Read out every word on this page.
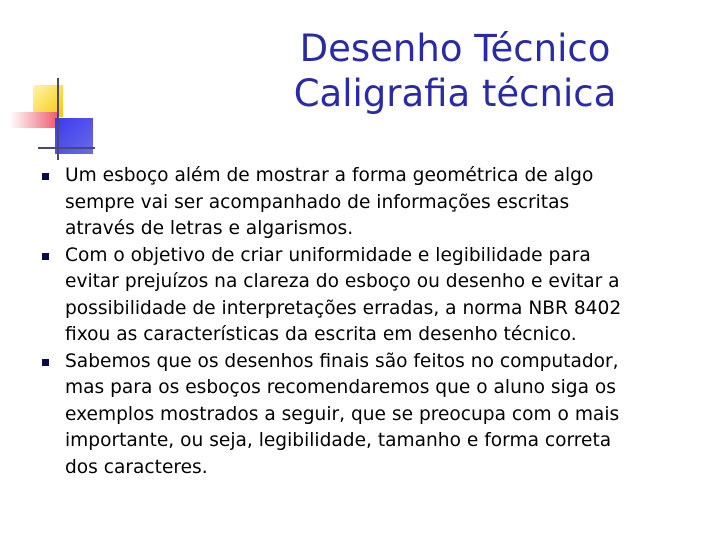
Desenho Técnico
Caligrafia técnica
Um esboço além de mostrar a forma geométrica de algo
sempre vai ser acompanhado de informações escritas
através de letras e algarismos.
Com o objetivo de criar uniformidade e legibilidade para
evitar prejuízos na clareza do esboço ou desenho e evitar a
possibilidade de interpretações erradas, a norma NBR 8402
fixou as características da escrita em desenho técnico.
Sabemos que os desenhos finais são feitos no computador,
mas para os esboços recomendaremos que o aluno siga os
exemplos mostrados a seguir, que se preocupa com o mais
importante, ou seja, legibilidade, tamanho e forma correta
dos caracteres.
